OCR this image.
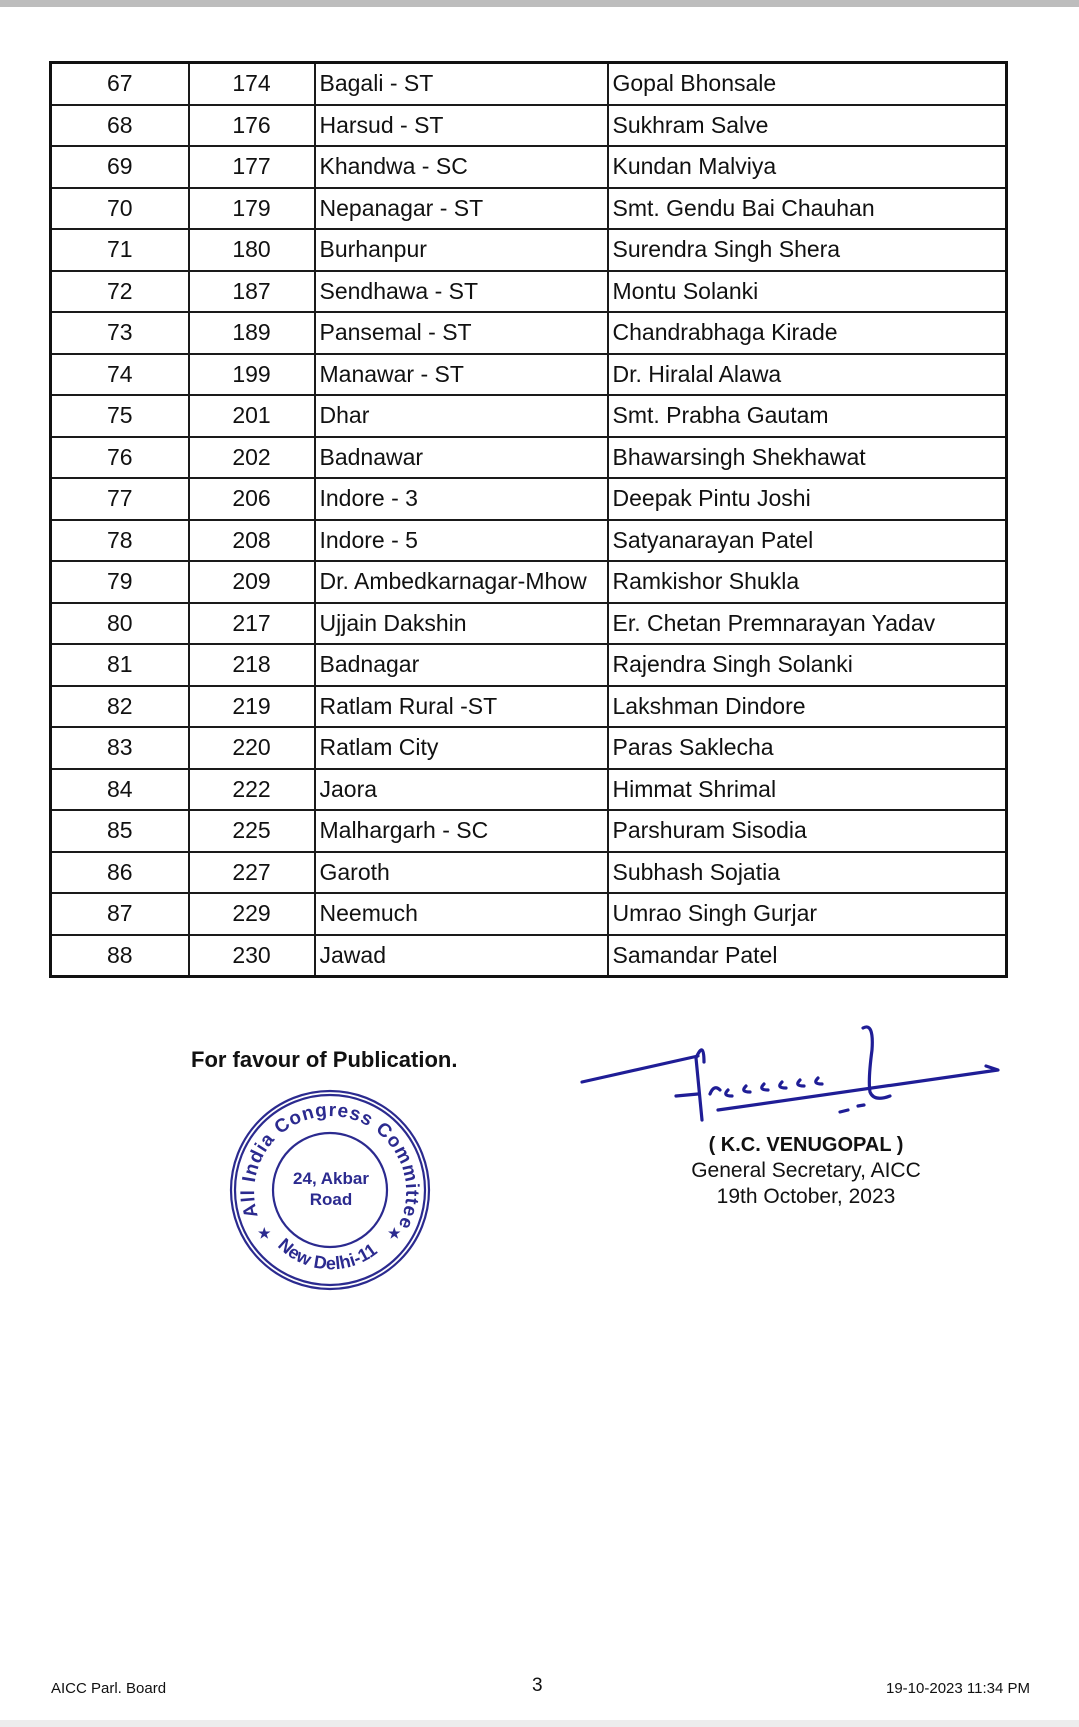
67	174	Bagali - ST	Gopal Bhonsale
68	176	Harsud - ST	Sukhram Salve
69	177	Khandwa - SC	Kundan Malviya
70	179	Nepanagar - ST	Smt. Gendu Bai Chauhan
71	180	Burhanpur	Surendra Singh Shera
72	187	Sendhawa - ST	Montu Solanki
73	189	Pansemal - ST	Chandrabhaga Kirade
74	199	Manawar - ST	Dr. Hiralal Alawa
75	201	Dhar	Smt. Prabha Gautam
76	202	Badnawar	Bhawarsingh Shekhawat
77	206	Indore - 3	Deepak Pintu Joshi
78	208	Indore - 5	Satyanarayan Patel
79	209	Dr. Ambedkarnagar-Mhow	Ramkishor Shukla
80	217	Ujjain Dakshin	Er. Chetan Premnarayan Yadav
81	218	Badnagar	Rajendra Singh Solanki
82	219	Ratlam Rural -ST	Lakshman Dindore
83	220	Ratlam City	Paras Saklecha
84	222	Jaora	Himmat Shrimal
85	225	Malhargarh - SC	Parshuram Sisodia
86	227	Garoth	Subhash Sojatia
87	229	Neemuch	Umrao Singh Gurjar
88	230	Jawad	Samandar Patel
For favour of Publication.
All India Congress Committee
New Delhi-11
★	★
24, Akbar
Road

( K.C. VENUGOPAL )

General Secretary, AICC

19th October, 2023

AICC Parl. Board	3	19-10-2023 11:34 PM
